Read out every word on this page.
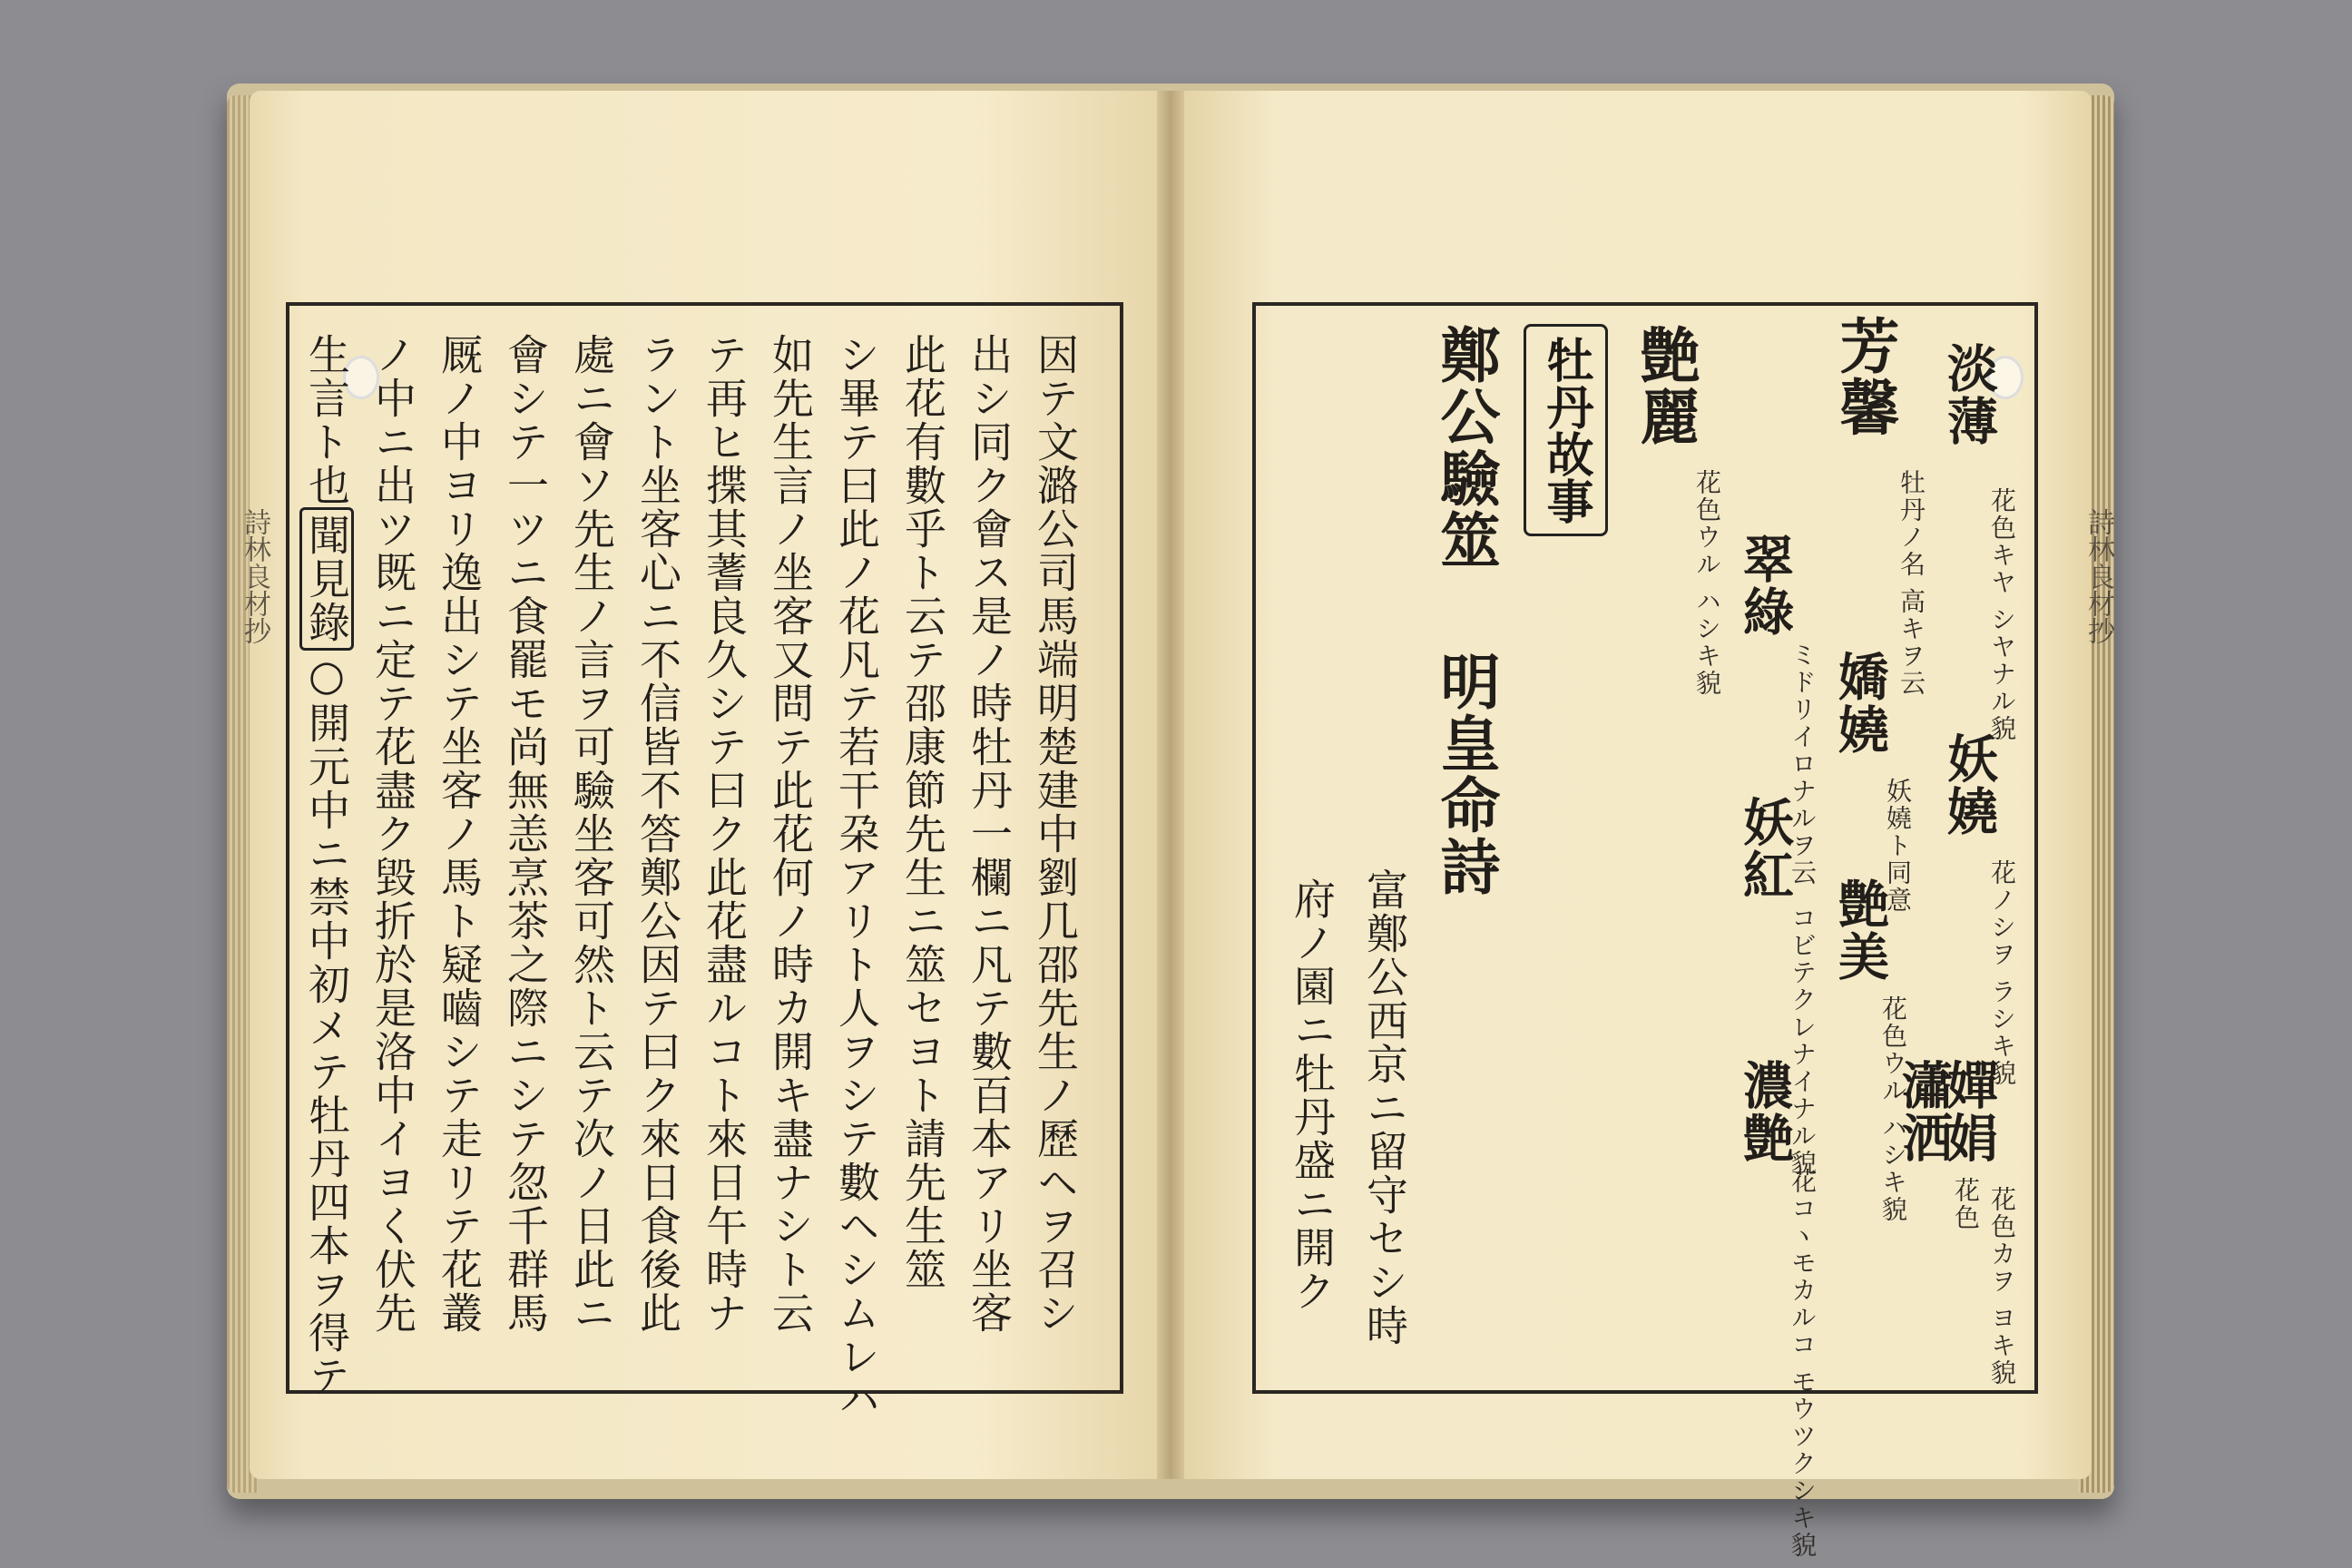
詩林良材抄	詩林良材抄
因テ文潞公司馬端明楚建中劉几邵先生ノ歷ヘヲ召シ
出シ同ク會ス是ノ時牡丹一欄ニ凡テ數百本アリ坐客
此花有數乎ト云テ邵康節先生ニ筮セヨト請先生筮
シ畢テ曰此ノ花凡テ若干朶アリト人ヲシテ數ヘシムレハ
如先生言ノ坐客又問テ此花何ノ時カ開キ盡ナシト云
テ再ヒ揲其蓍良久シテ曰ク此花盡ルコト來日午時ナ
ラント坐客心ニ不信皆不答鄭公因テ曰ク來日食後此
處ニ會ソ先生ノ言ヲ可驗坐客可然ト云テ次ノ日此ニ
會シテ一ツニ食罷モ尚無恙烹茶之際ニシテ忽千群馬
厩ノ中ヨリ逸出シテ坐客ノ馬ト疑嚙シテ走リテ花叢
ノ中ニ出ツ既ニ定テ花盡ク毀折於是洛中イヨく伏先
生言ト也聞見錄○開元中ニ禁中初メテ牡丹四本ヲ得テ
淡薄
花色キヤ シヤナル貌
妖嬈
花ノシヲ ラシキ貌
嬋娟
花色カヲ ヨキ貌
芳馨
牡丹ノ名 高キヲ云
嬌嬈
妖嬈ト同意
艶美
花色ウル ハシキ貌
瀟洒
花色
翠綠
ミドリイロナルヲ云
妖紅
コビテクレナイナル貌
濃艶
花コヽモカルコ モウツクシキ貌
艶麗
花色ウル ハシキ貌
牡丹故事
鄭公驗筮
明皇命詩
富鄭公西京ニ留守セシ時
府ノ園ニ牡丹盛ニ開ク
